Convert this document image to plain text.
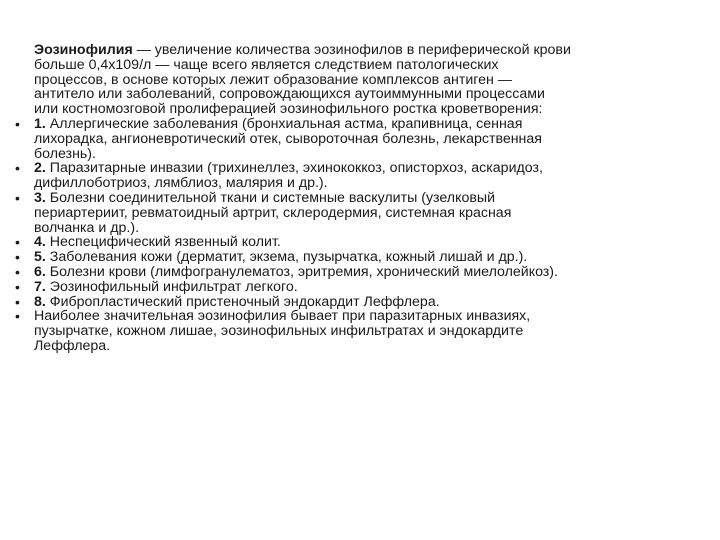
Эозинофилия — увеличение количества эозинофилов в периферической крови

больше 0,4x109/л — чаще всего является следствием патологических

процессов, в основе которых лежит образование комплексов антиген —

антитело или заболеваний, сопровождающихся аутоиммунными процессами

или костномозговой пролиферацией эозинофильного ростка кроветворения:

• 1. Аллергические заболевания (бронхиальная астма, крапивница, сенная

лихорадка, ангионевротический отек, сывороточная болезнь, лекарственная

болезнь).

• 2. Паразитарные инвазии (трихинеллез, эхинококкоз, описторхоз, аскаридоз,

дифиллоботриоз, лямблиоз, малярия и др.).

• 3. Болезни соединительной ткани и системные васкулиты (узелковый

периартериит, ревматоидный артрит, склеродермия, системная красная

волчанка и др.).

• 4. Неспецифический язвенный колит.

• 5. Заболевания кожи (дерматит, экзема, пузырчатка, кожный лишай и др.).

• 6. Болезни крови (лимфогранулематоз, эритремия, хронический миелолейкоз).

• 7. Эозинофильный инфильтрат легкого.

• 8. Фибропластический пристеночный эндокардит Леффлера.

• Наиболее значительная эозинофилия бывает при паразитарных инвазиях,

пузырчатке, кожном лишае, эозинофильных инфильтратах и эндокардите

Леффлера.
